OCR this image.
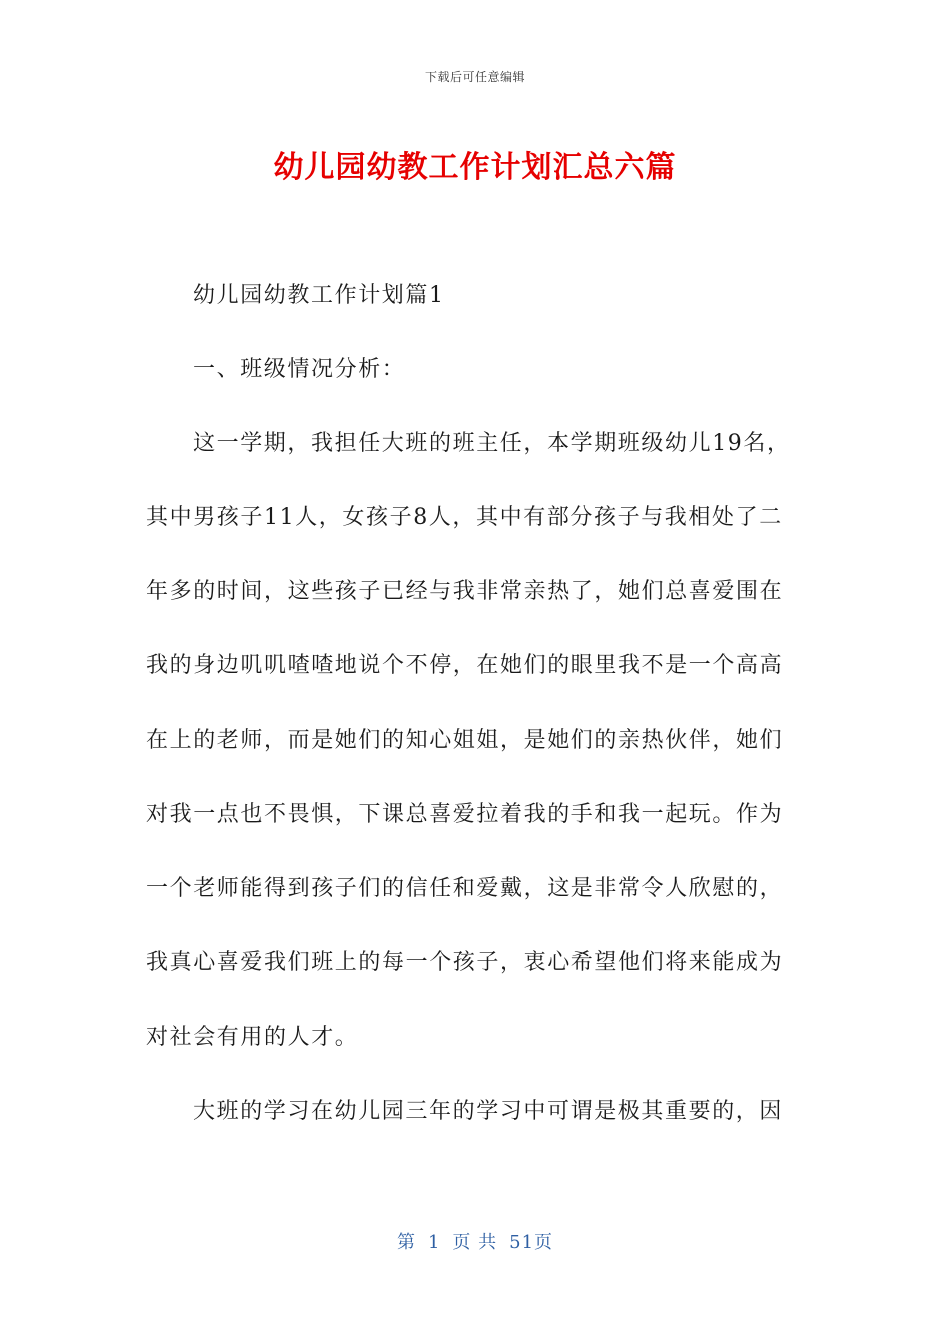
下载后可任意编辑
幼儿园幼教工作计划汇总六篇
幼儿园幼教工作计划篇1
一、班级情况分析：
这一学期，我担任大班的班主任，本学期班级幼儿19名，
其中男孩子11人，女孩子8人，其中有部分孩子与我相处了二
年多的时间，这些孩子已经与我非常亲热了，她们总喜爱围在
我的身边叽叽喳喳地说个不停，在她们的眼里我不是一个高高
在上的老师，而是她们的知心姐姐，是她们的亲热伙伴，她们
对我一点也不畏惧，下课总喜爱拉着我的手和我一起玩。作为
一个老师能得到孩子们的信任和爱戴，这是非常令人欣慰的，
我真心喜爱我们班上的每一个孩子，衷心希望他们将来能成为
对社会有用的人才。
大班的学习在幼儿园三年的学习中可谓是极其重要的，因
第 1 页 共 51页
